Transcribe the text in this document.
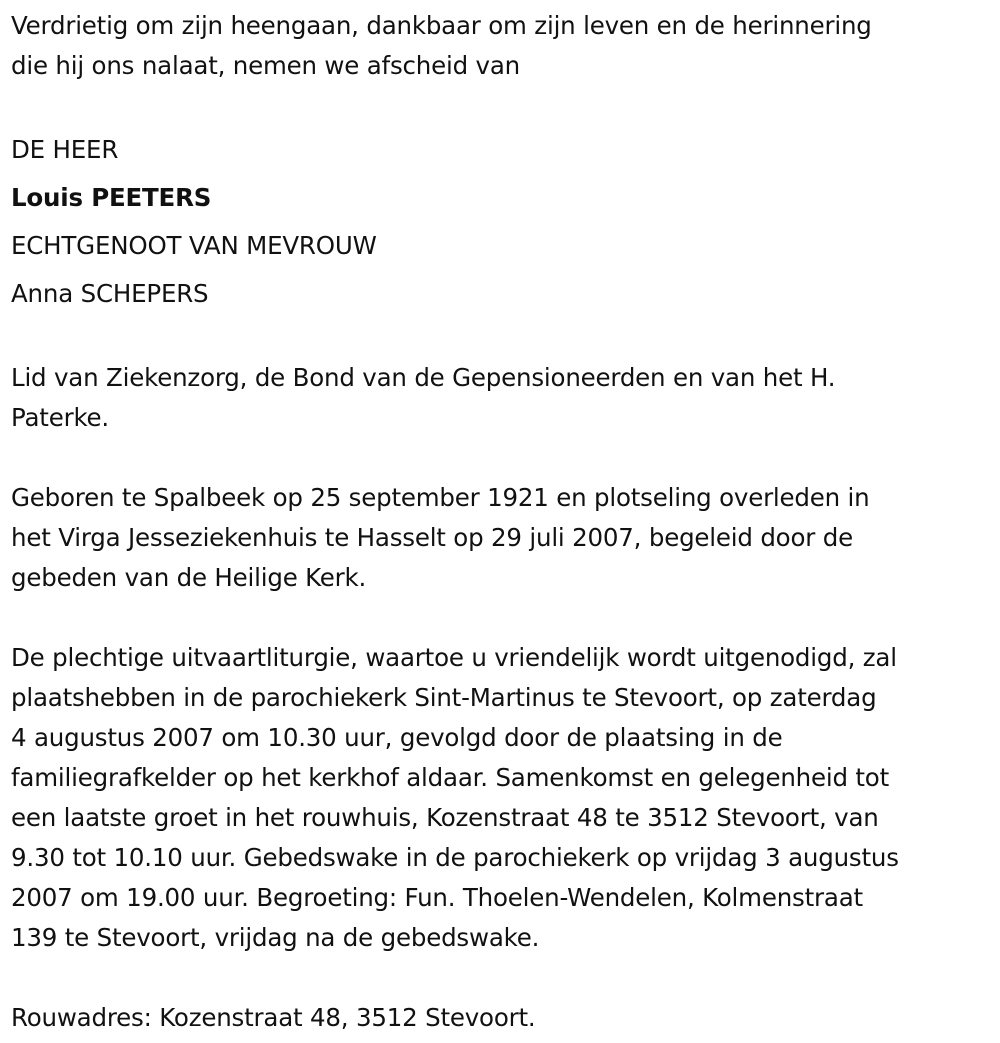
Verdrietig om zijn heengaan, dankbaar om zijn leven en de herinnering
die hij ons nalaat, nemen we afscheid van

DE HEER

Louis PEETERS

ECHTGENOOT VAN MEVROUW

Anna SCHEPERS

Lid van Ziekenzorg, de Bond van de Gepensioneerden en van het H.
Paterke.

Geboren te Spalbeek op 25 september 1921 en plotseling overleden in
het Virga Jesseziekenhuis te Hasselt op 29 juli 2007, begeleid door de
gebeden van de Heilige Kerk.

De plechtige uitvaartliturgie, waartoe u vriendelijk wordt uitgenodigd, zal
plaatshebben in de parochiekerk Sint-Martinus te Stevoort, op zaterdag
4 augustus 2007 om 10.30 uur, gevolgd door de plaatsing in de
familiegrafkelder op het kerkhof aldaar. Samenkomst en gelegenheid tot
een laatste groet in het rouwhuis, Kozenstraat 48 te 3512 Stevoort, van
9.30 tot 10.10 uur. Gebedswake in de parochiekerk op vrijdag 3 augustus
2007 om 19.00 uur. Begroeting: Fun. Thoelen-Wendelen, Kolmenstraat
139 te Stevoort, vrijdag na de gebedswake.

Rouwadres: Kozenstraat 48, 3512 Stevoort.
